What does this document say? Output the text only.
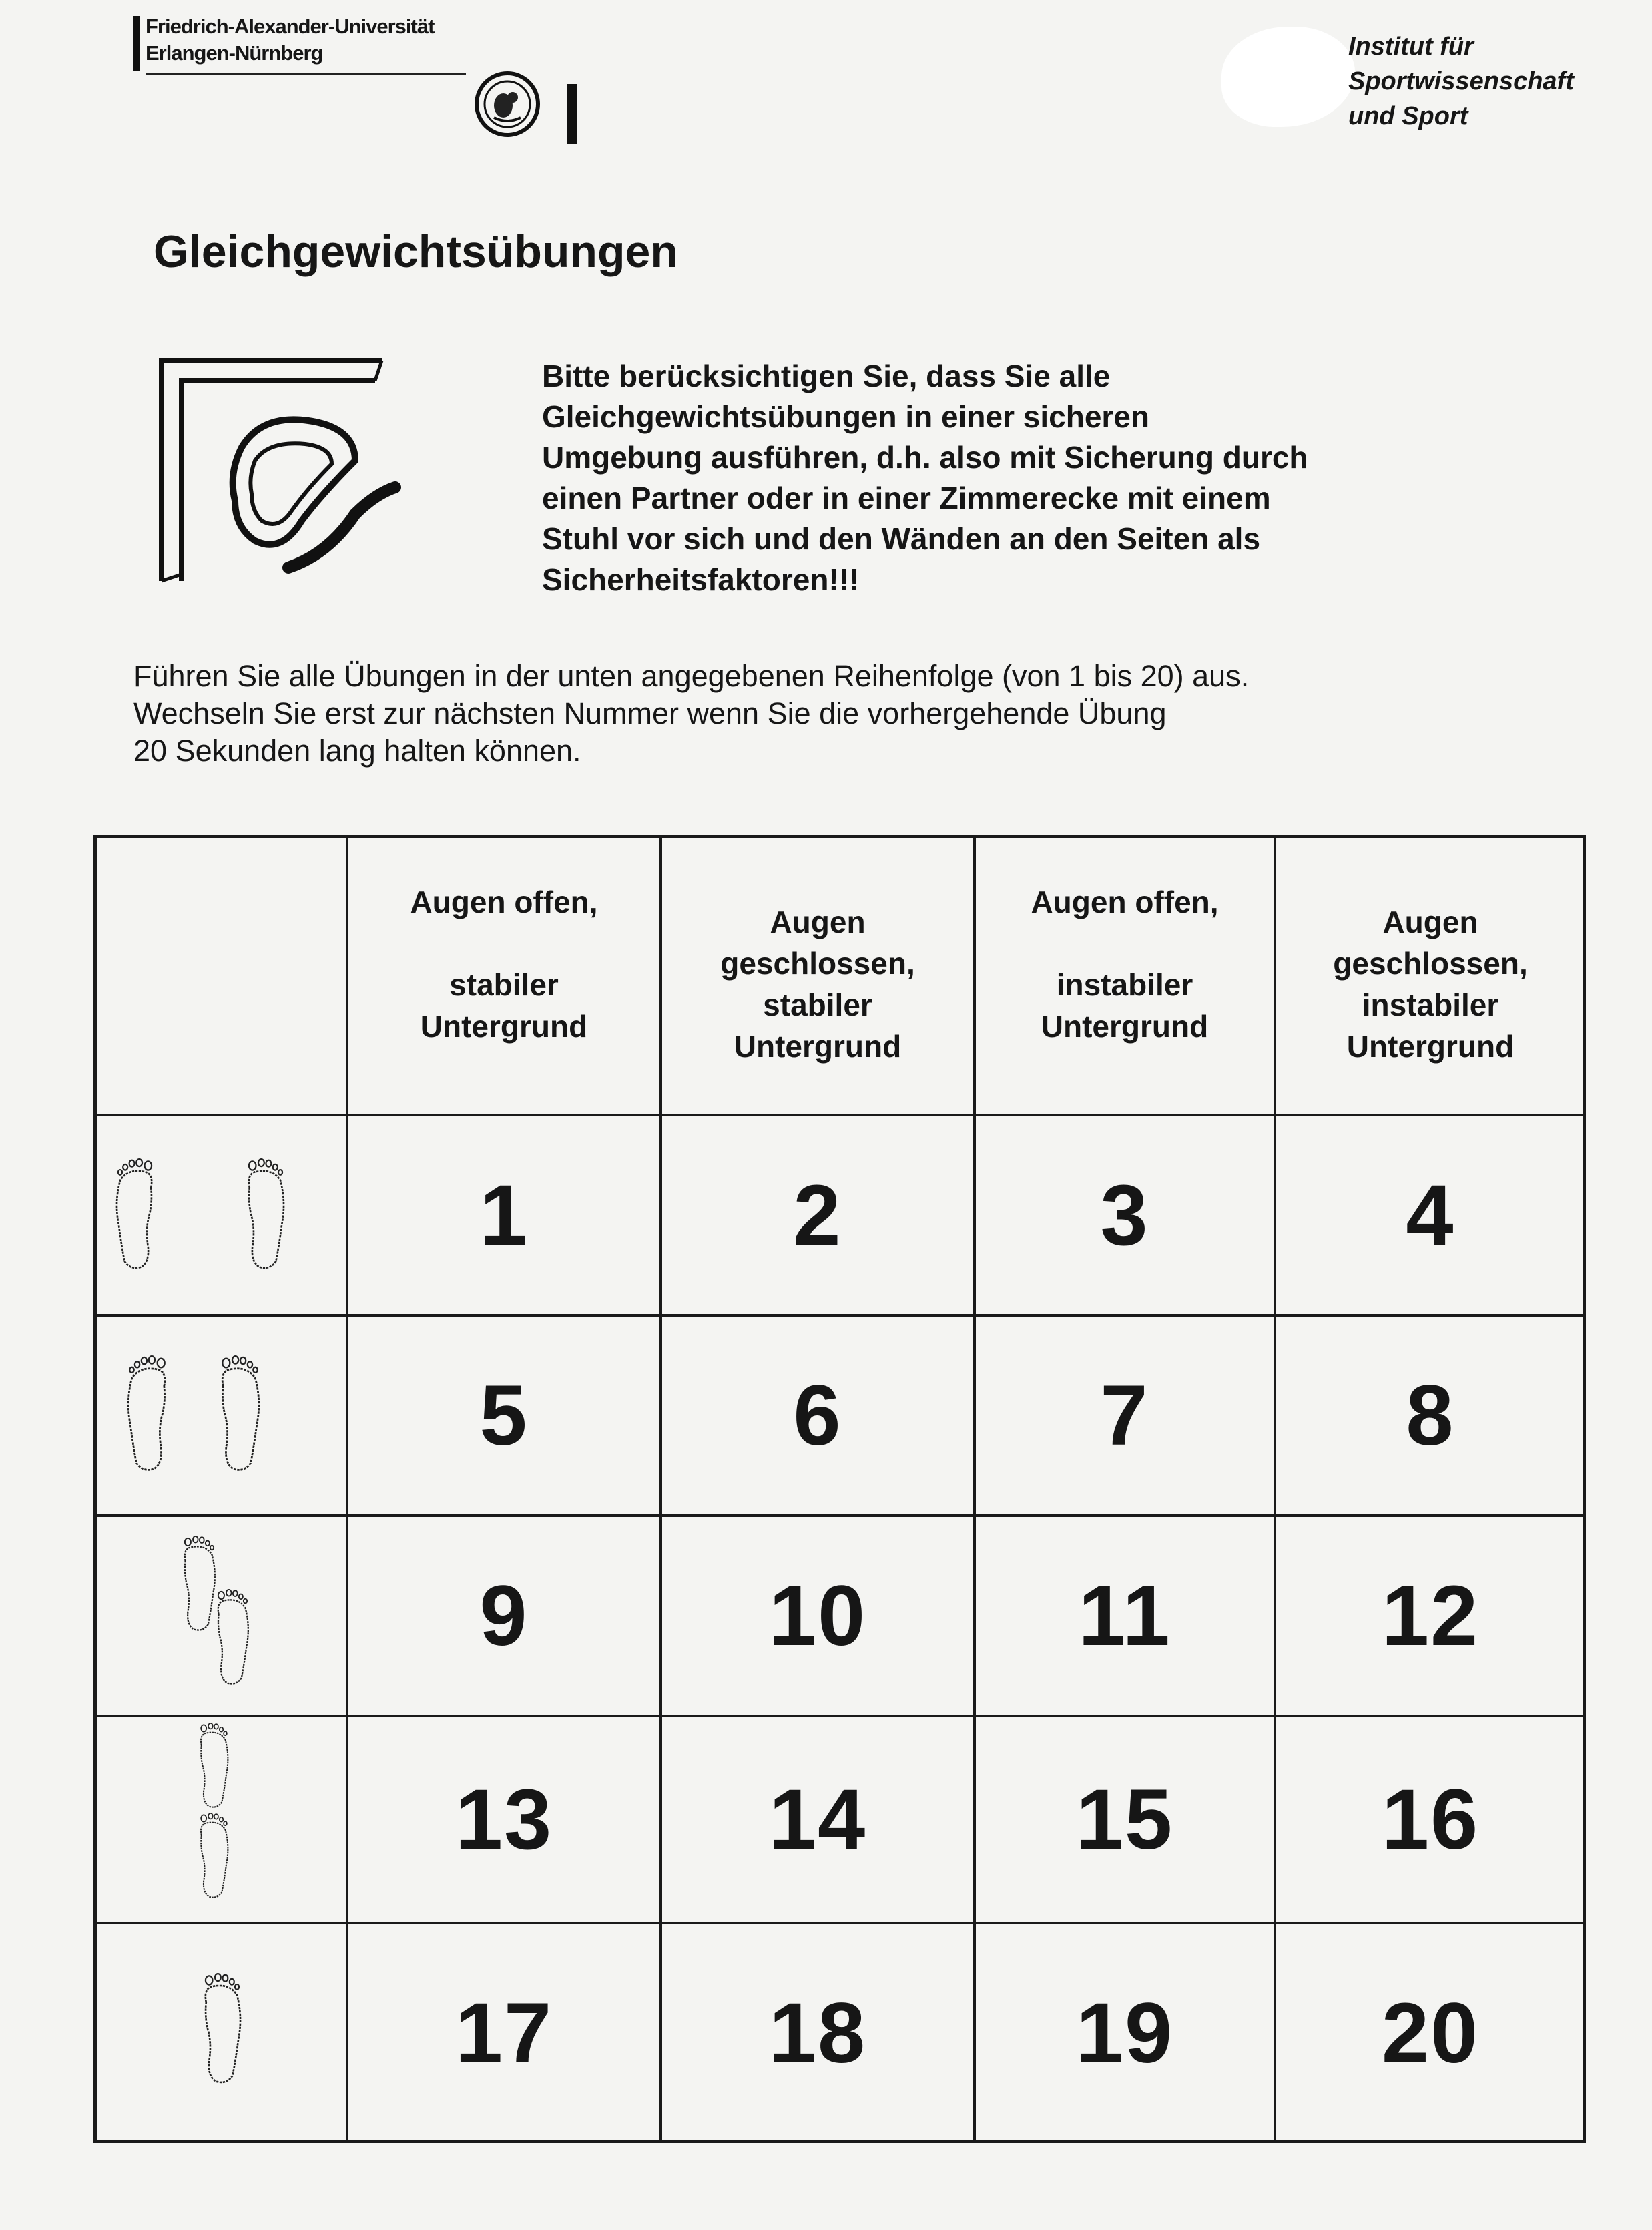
Friedrich-Alexander-Universität
Erlangen-Nürnberg	Institut für
Sportwissenschaft
und Sport
Gleichgewichtsübungen
Bitte berücksichtigen Sie, dass Sie alle
Gleichgewichtsübungen in einer sicheren
Umgebung ausführen, d.h. also mit Sicherung durch
einen Partner oder in einer Zimmerecke mit einem
Stuhl vor sich und den Wänden an den Seiten als
Sicherheitsfaktoren!!!
Führen Sie alle Übungen in der unten angegebenen Reihenfolge (von 1 bis 20) aus.
Wechseln Sie erst zur nächsten Nummer wenn Sie die vorhergehende Übung
20 Sekunden lang halten können.
Augen offen,
stabiler
Untergrund
Augen
geschlossen,
stabiler
Untergrund
Augen offen,
instabiler
Untergrund
Augen
geschlossen,
instabiler
Untergrund
1	2	3	4
5	6	7	8
9	10	11	12
13	14	15	16
17	18	19	20
